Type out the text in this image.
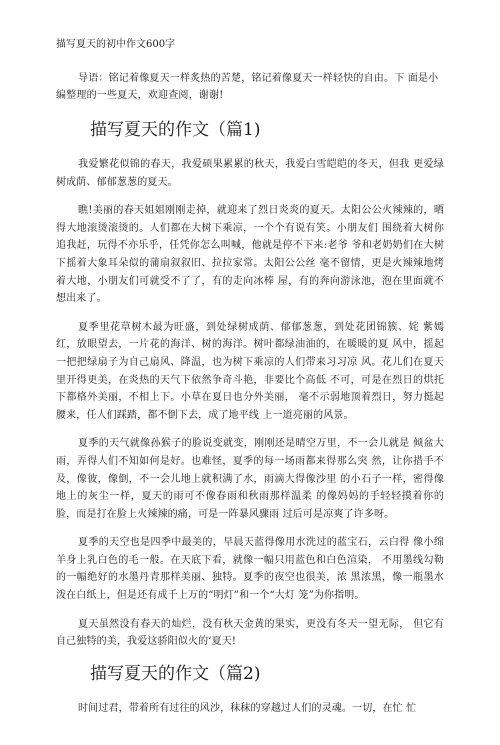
描写夏天的初中作文600字

导语：铭记着像夏天一样炙热的苦楚，铭记着像夏天一样轻快的自由。下 面是小编整理的一些夏天，欢迎查阅，谢谢!

描写夏天的作文（篇1)

我爱繁花似锦的春天，我爱硕果累累的秋天，我爱白雪皑皑的冬天，但我 更爱绿树成荫、郁郁葱葱的夏天。

瞧!美丽的春天姐姐刚刚走掉，就迎来了烈日炎炎的夏天。太阳公公火辣辣的，晒得大地滚烫滚烫的。人们都在大树下乘凉，一个个有说有笑。小朋友们 围绕着大树你追我赶，玩得不亦乐乎，任凭你怎么叫喊，他就是停不下来:老爷 爷和老奶奶们在大树下摇着大象耳朵似的蒲扇叙叙旧、拉拉家常。太阳公公丝 毫不留情，更是火辣辣地烤着大地，小朋友们可就受不了了，有的走向冰棒 屋，有的奔向游泳池，泡在里面就不想出来了。

夏季里花草树木最为旺盛，到处绿树成荫、郁郁葱葱，到处花团锦簇、姹 紫嫣红，放眼望去，一片花的海洋、树的海洋。树叶都绿油油的，在暖暖的夏 风中，摇起一把把绿扇子为自己扇风、降温，也为树下乘凉的人们带来习习凉 风。花儿们在夏天里开得更美，在炎热的天气下依然争奇斗艳，非要比个高低 不可，可是在烈日的烘托下都格外美丽，不相上下。小草在夏日也分外美丽， 毫不示弱地顶着烈日，努力挺起腰来，任人们踩踏，都不倒下去，成了地平线 上一道亮丽的风景。

夏季的天气就像孙猴子的脸说变就变，刚刚还是晴空万里，不一会儿就是 倾盆大雨，弄得人们不知如何是好。也难怪，夏季的每一场雨都来得那么突 然，让你措手不及，像彼，像倒，不一会儿地上就积满了水，雨滴大得像沙里 的小石子一样，密得像地上的灰尘一样，夏天的雨可不像春雨和秋雨那样温柔 的像妈妈的手轻轻摸着你的脸，而是打在脸上火辣辣的痛，可是一阵暴风骤雨 过后可是凉爽了许多呀。

夏季的天空也是四季中最美的，早晨天蓝得像用水洗过的蓝宝石，云白得 像小绵羊身上乳白色的毛一般。在天底下看，就像一幅只用蓝色和白色渲染， 不用墨线勾勒的一幅绝好的水墨丹青那样美丽、独特。夏季的夜空也很美，浓 黑浓黑，像一瓶墨水泼在白纸上，但是还有成千上万的“明灯”和一个“大灯 笼”为你指明。

夏天虽然没有春天的灿烂，没有秋天金黄的果实，更没有冬天一望无际， 但它有自己独特的美，我爱这骄阳似火的‘夏天!

描写夏天的作文（篇2)

时间过君，带着所有过往的风沙，秣秣的穿越过人们的灵魂。一切，在忙 忙
